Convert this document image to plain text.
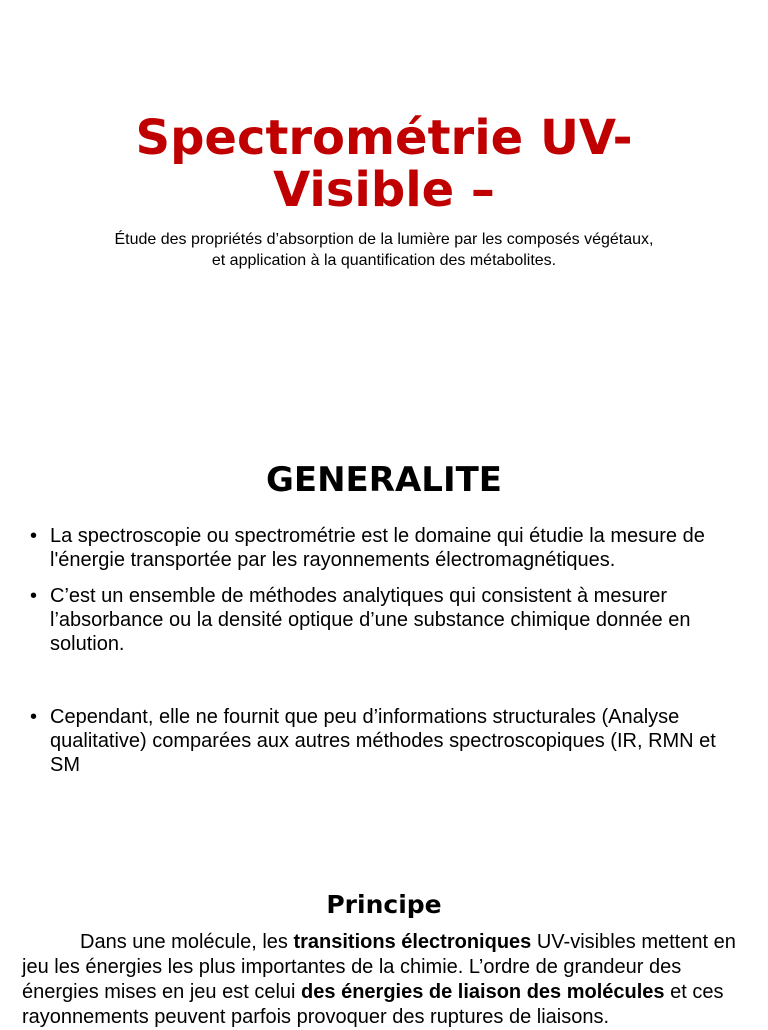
Spectrométrie UV-Visible –

Étude des propriétés d’absorption de la lumière par les composés végétaux, et application à la quantification des métabolites.

GENERALITE
• La spectroscopie ou spectrométrie est le domaine qui étudie la mesure de l'énergie transportée par les rayonnements électromagnétiques.
• C’est un ensemble de méthodes analytiques qui consistent à mesurer l’absorbance ou la densité optique d’une substance chimique donnée en solution.
• Cependant, elle ne fournit que peu d’informations structurales (Analyse qualitative) comparées aux autres méthodes spectroscopiques (IR, RMN et SM
Principe

Dans une molécule, les transitions électroniques UV-visibles mettent en jeu les énergies les plus importantes de la chimie. L’ordre de grandeur des énergies mises en jeu est celui des énergies de liaison des molécules et ces rayonnements peuvent parfois provoquer des ruptures de liaisons.
